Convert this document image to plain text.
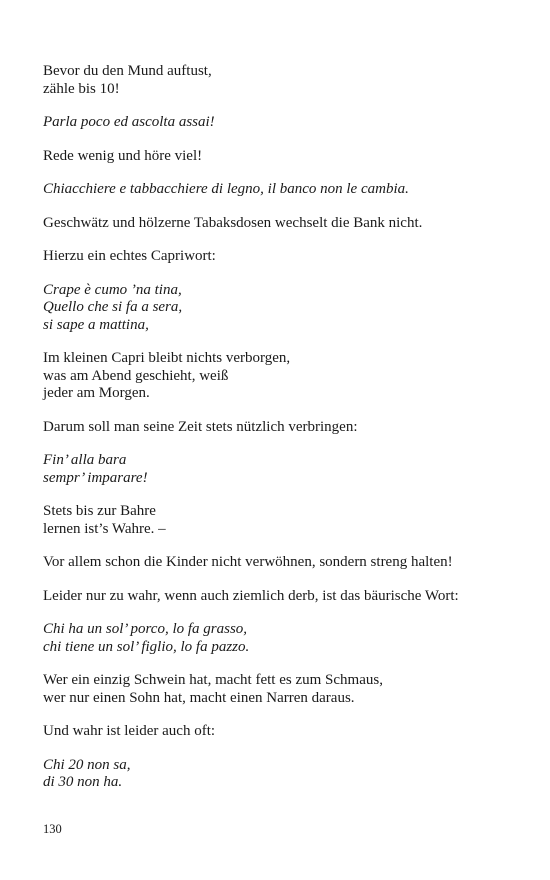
Bevor du den Mund auftust,
zähle bis 10!

Parla poco ed ascolta assai!

Rede wenig und höre viel!

Chiacchiere e tabbacchiere di legno, il banco non le cambia.

Geschwätz und hölzerne Tabaksdosen wechselt die Bank nicht.

Hierzu ein echtes Capriwort:

Crape è cumo ’na tina,
Quello che si fa a sera,
si sape a mattina,

Im kleinen Capri bleibt nichts verborgen,
was am Abend geschieht, weiß
jeder am Morgen.

Darum soll man seine Zeit stets nützlich verbringen:

Fin’ alla bara
sempr’ imparare!

Stets bis zur Bahre
lernen ist’s Wahre. –

Vor allem schon die Kinder nicht verwöhnen, sondern streng halten!

Leider nur zu wahr, wenn auch ziemlich derb, ist das bäurische Wort:

Chi ha un sol’ porco, lo fa grasso,
chi tiene un sol’ figlio, lo fa pazzo.

Wer ein einzig Schwein hat, macht fett es zum Schmaus,
wer nur einen Sohn hat, macht einen Narren daraus.

Und wahr ist leider auch oft:

Chi 20 non sa,
di 30 non ha.

130
